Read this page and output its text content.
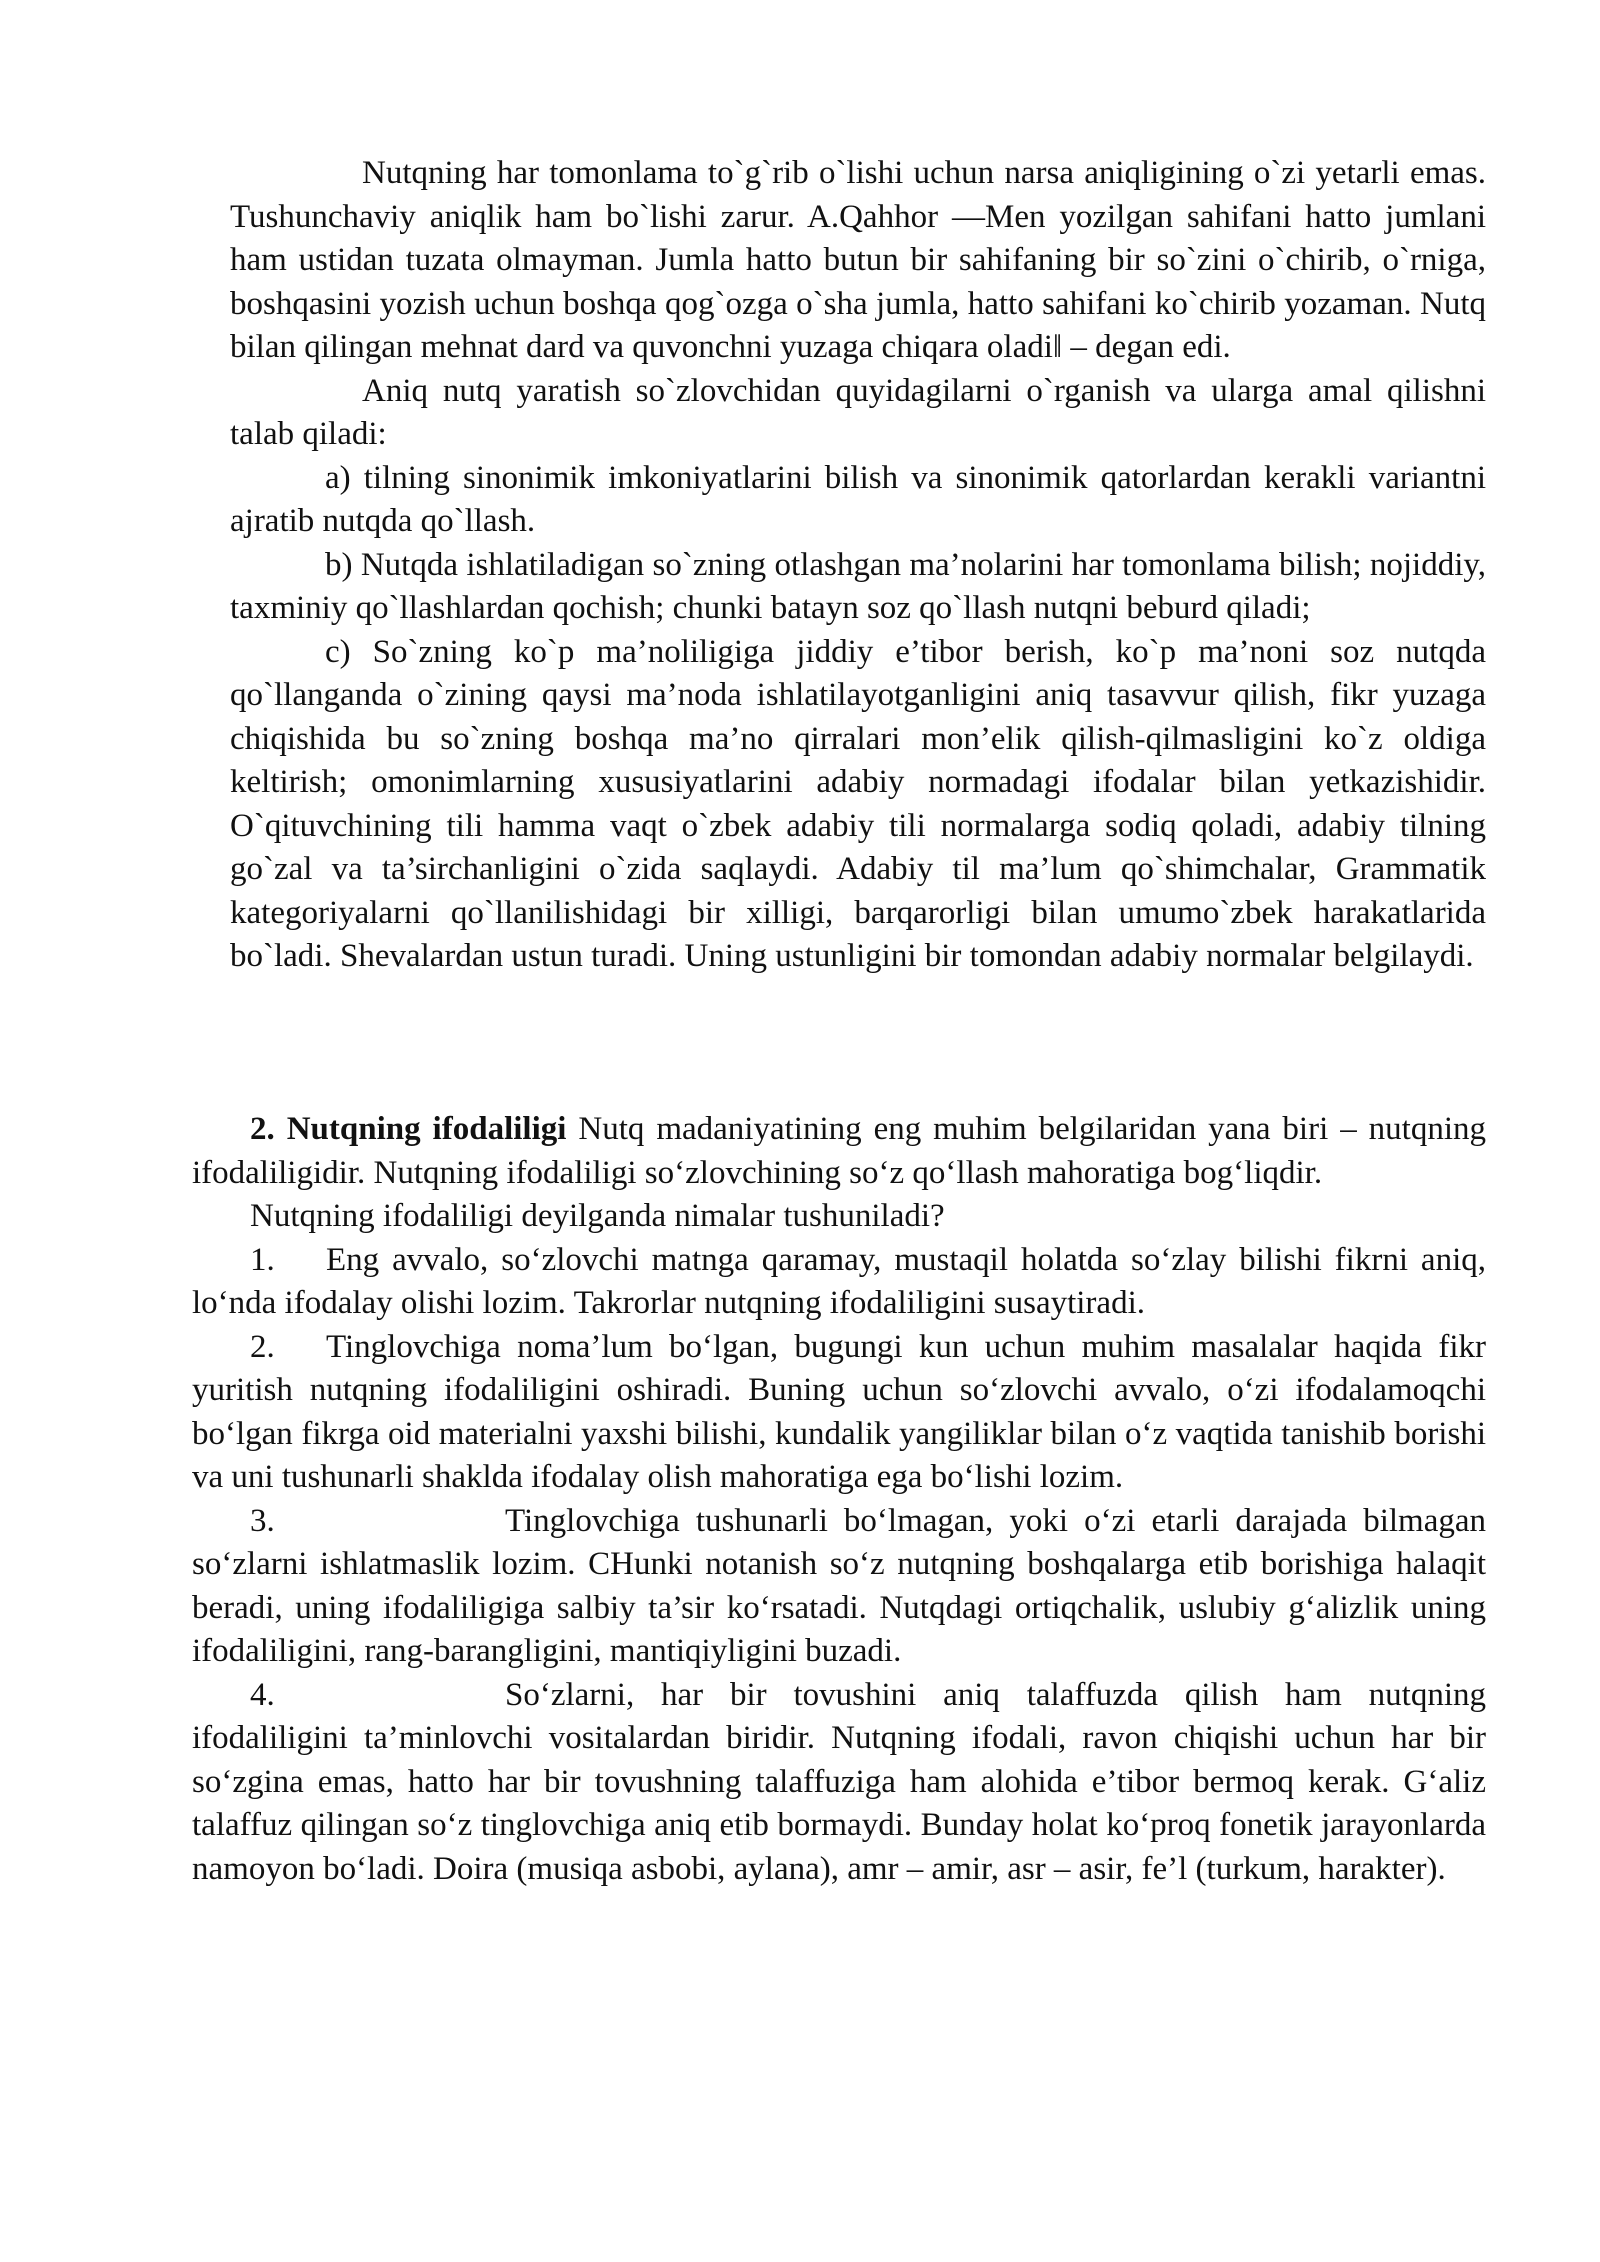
Nutqning har tomonlama to`g`rib o`lishi uchun narsa aniqligining o`zi yetarli emas. Tushunchaviy aniqlik ham bo`lishi zarur. A.Qahhor —Men yozilgan sahifani hatto jumlani ham ustidan tuzata olmayman. Jumla hatto butun bir sahifaning bir so`zini o`chirib, o`rniga, boshqasini yozish uchun boshqa qog`ozga o`sha jumla, hatto sahifani ko`chirib yozaman. Nutq bilan qilingan mehnat dard va quvonchni yuzaga chiqara oladi‖ – degan edi.

Aniq nutq yaratish so`zlovchidan quyidagilarni o`rganish va ularga amal qilishni talab qiladi:

a) tilning sinonimik imkoniyatlarini bilish va sinonimik qatorlardan kerakli variantni ajratib nutqda qo`llash.

b) Nutqda ishlatiladigan so`zning otlashgan ma’nolarini har tomonlama bilish; nojiddiy, taxminiy qo`llashlardan qochish; chunki batayn soz qo`llash nutqni beburd qiladi;

c) So`zning ko`p ma’noliligiga jiddiy e’tibor berish, ko`p ma’noni soz nutqda qo`llanganda o`zining qaysi ma’noda ishlatilayotganligini aniq tasavvur qilish, fikr yuzaga chiqishida bu so`zning boshqa ma’no qirralari mon’elik qilish-qilmasligini ko`z oldiga keltirish; omonimlarning xususiyatlarini adabiy normadagi ifodalar bilan yetkazishidir. O`qituvchining tili hamma vaqt o`zbek adabiy tili normalarga sodiq qoladi, adabiy tilning go`zal va ta’sirchanligini o`zida saqlaydi. Adabiy til ma’lum qo`shimchalar, Grammatik kategoriyalarni qo`llanilishidagi bir xilligi, barqarorligi bilan umumo`zbek harakatlarida bo`ladi. Shevalardan ustun turadi. Uning ustunligini bir tomondan adabiy normalar belgilaydi.

2. Nutqning ifodaliligi Nutq madaniyatining eng muhim belgilaridan yana biri – nutqning ifodaliligidir. Nutqning ifodaliligi so‘zlovchining so‘z qo‘llash mahoratiga bog‘liqdir.

Nutqning ifodaliligi deyilganda nimalar tushuniladi?

1. Eng avvalo, so‘zlovchi matnga qaramay, mustaqil holatda so‘zlay bilishi fikrni aniq, lo‘nda ifodalay olishi lozim. Takrorlar nutqning ifodaliligini susaytiradi.

2. Tinglovchiga noma’lum bo‘lgan, bugungi kun uchun muhim masalalar haqida fikr yuritish nutqning ifodaliligini oshiradi. Buning uchun so‘zlovchi avvalo, o‘zi ifodalamoqchi bo‘lgan fikrga oid materialni yaxshi bilishi, kundalik yangiliklar bilan o‘z vaqtida tanishib borishi va uni tushunarli shaklda ifodalay olish mahoratiga ega bo‘lishi lozim.

3.	Tinglovchiga tushunarli bo‘lmagan, yoki o‘zi etarli darajada bilmagan so‘zlarni ishlatmaslik lozim. CHunki notanish so‘z nutqning boshqalarga etib borishiga halaqit beradi, uning ifodaliligiga salbiy ta’sir ko‘rsatadi. Nutqdagi ortiqchalik, uslubiy g‘alizlik uning ifodaliligini, rang-barangligini, mantiqiyligini buzadi.

4.	So‘zlarni, har bir tovushini aniq talaffuzda qilish ham nutqning ifodaliligini ta’minlovchi vositalardan biridir. Nutqning ifodali, ravon chiqishi uchun har bir so‘zgina emas, hatto har bir tovushning talaffuziga ham alohida e’tibor bermoq kerak. G‘aliz talaffuz qilingan so‘z tinglovchiga aniq etib bormaydi. Bunday holat ko‘proq fonetik jarayonlarda namoyon bo‘ladi. Doira (musiqa asbobi, aylana), amr – amir, asr – asir, fe’l (turkum, harakter).
